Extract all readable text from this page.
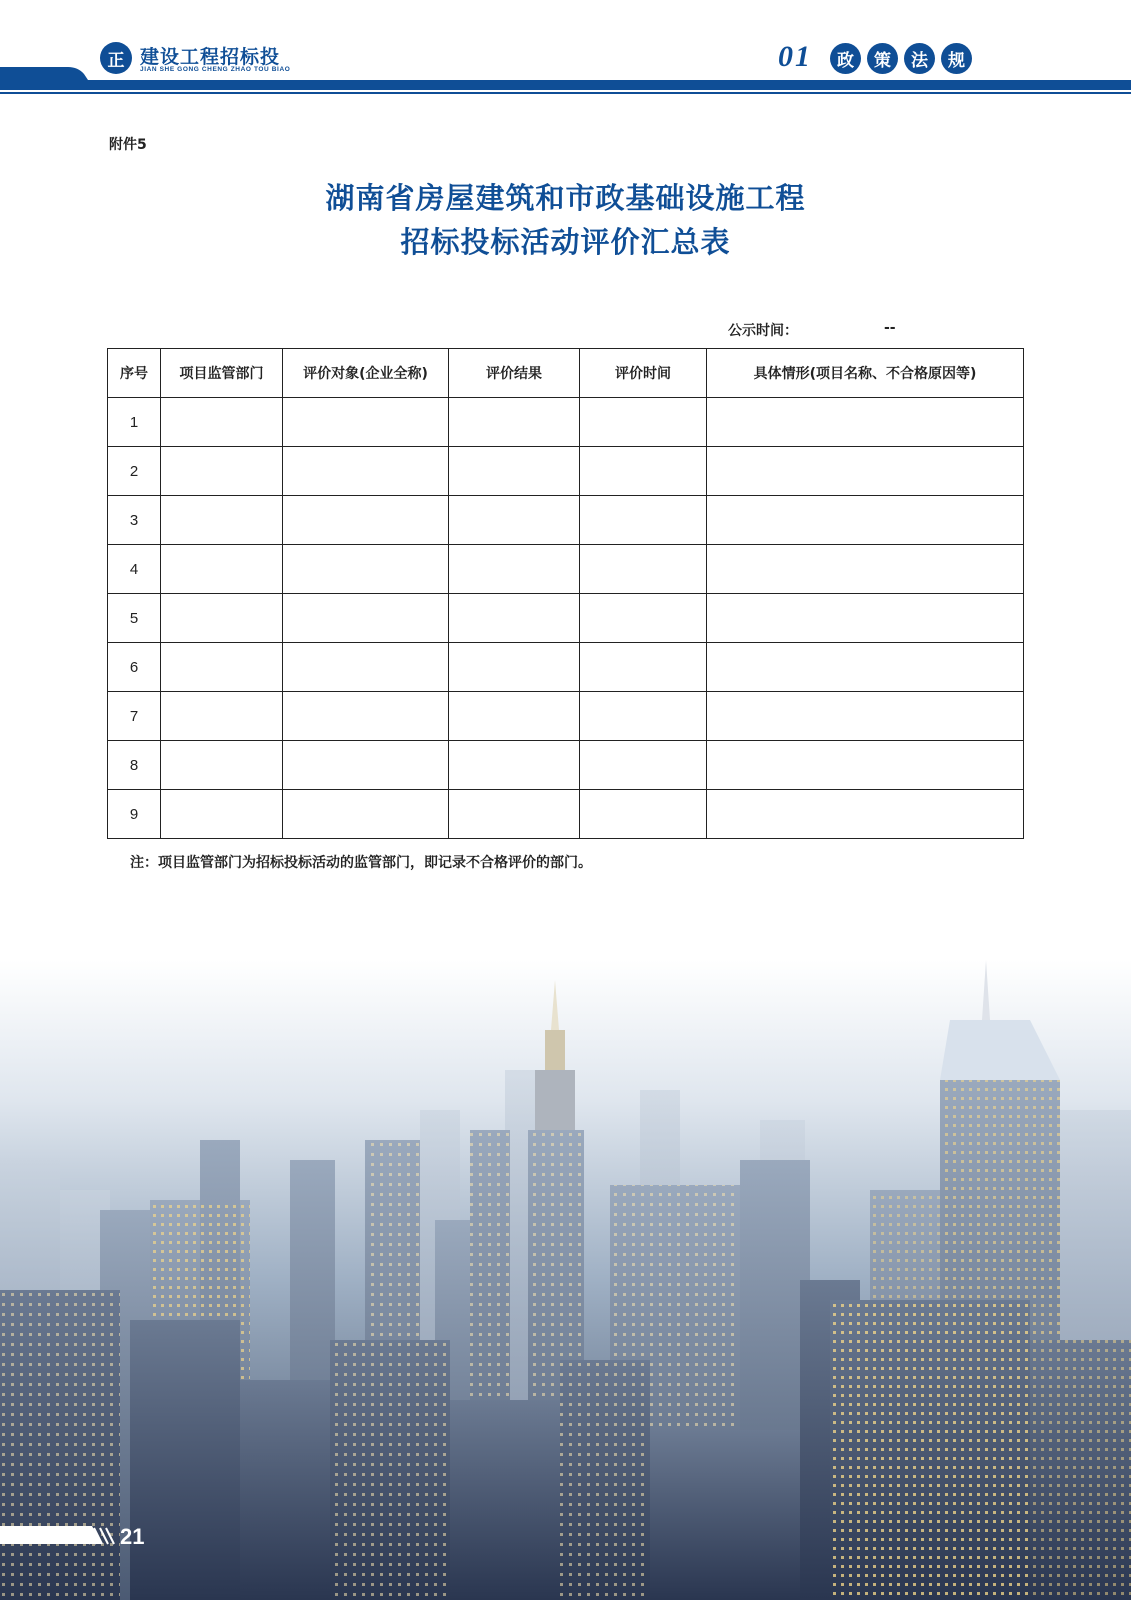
正 建设工程招标投
JIAN SHE GONG CHENG ZHAO TOU BIAO	01	政	策	法	规
附件5
湖南省房屋建筑和市政基础设施工程
招标投标活动评价汇总表
公示时间：	--
序号	项目监管部门	评价对象(企业全称)	评价结果	评价时间	具体情形(项目名称、不合格原因等)
1					
2					
3					
4					
5					
6					
7					
8					
9					
注：项目监管部门为招标投标活动的监管部门，即记录不合格评价的部门。
21
